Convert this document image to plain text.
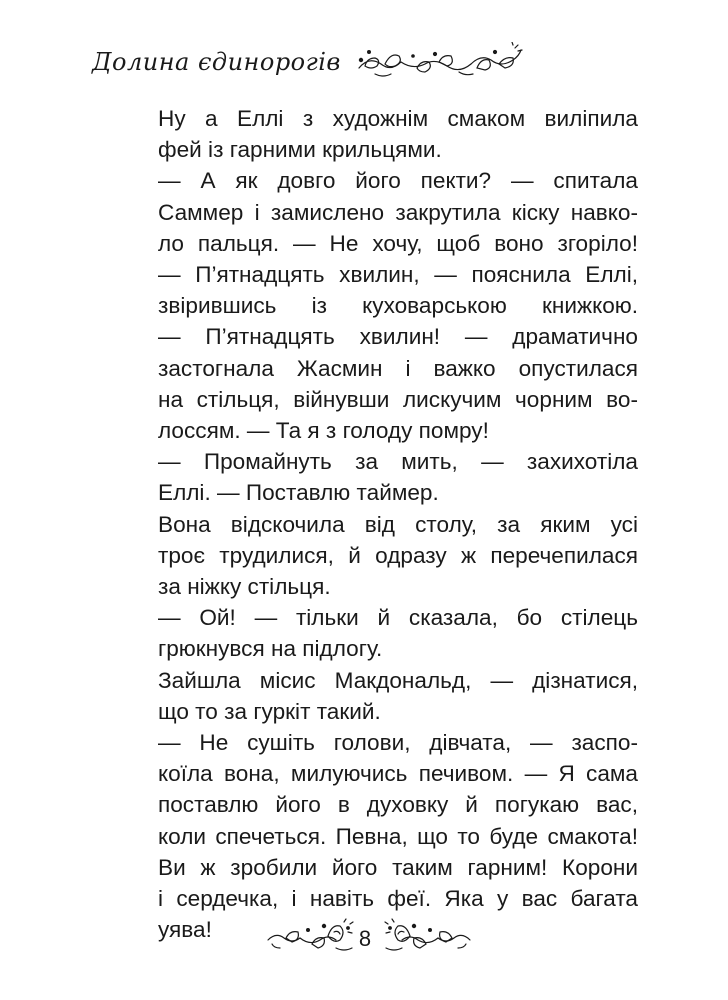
Долина єдинорогів

Ну а Еллі з художнім смаком виліпила
фей із гарними крильцями.
— А як довго його пекти? — спитала
Саммер і замислено закрутила кіску навко-
ло пальця. — Не хочу, щоб воно згоріло!
— П’ятнадцять хвилин, — пояснила Еллі,
звірившись із куховарською книжкою.
— П’ятнадцять хвилин! — драматично
застогнала Жасмин і важко опустилася
на стільця, війнувши лискучим чорним во-
лоссям. — Та я з голоду помру!
— Промайнуть за мить, — захихотіла
Еллі. — Поставлю таймер.
Вона відскочила від столу, за яким усі
троє трудилися, й одразу ж перечепилася
за ніжку стільця.
— Ой! — тільки й сказала, бо стілець
грюкнувся на підлогу.
Зайшла місис Макдональд, — дізнатися,
що то за гуркіт такий.
— Не сушіть голови, дівчата, — заспо-
коїла вона, милуючись печивом. — Я сама
поставлю його в духовку й погукаю вас,
коли спечеться. Певна, що то буде смакота!
Ви ж зробили його таким гарним! Корони
і сердечка, і навіть феї. Яка у вас багата
уява!	8
